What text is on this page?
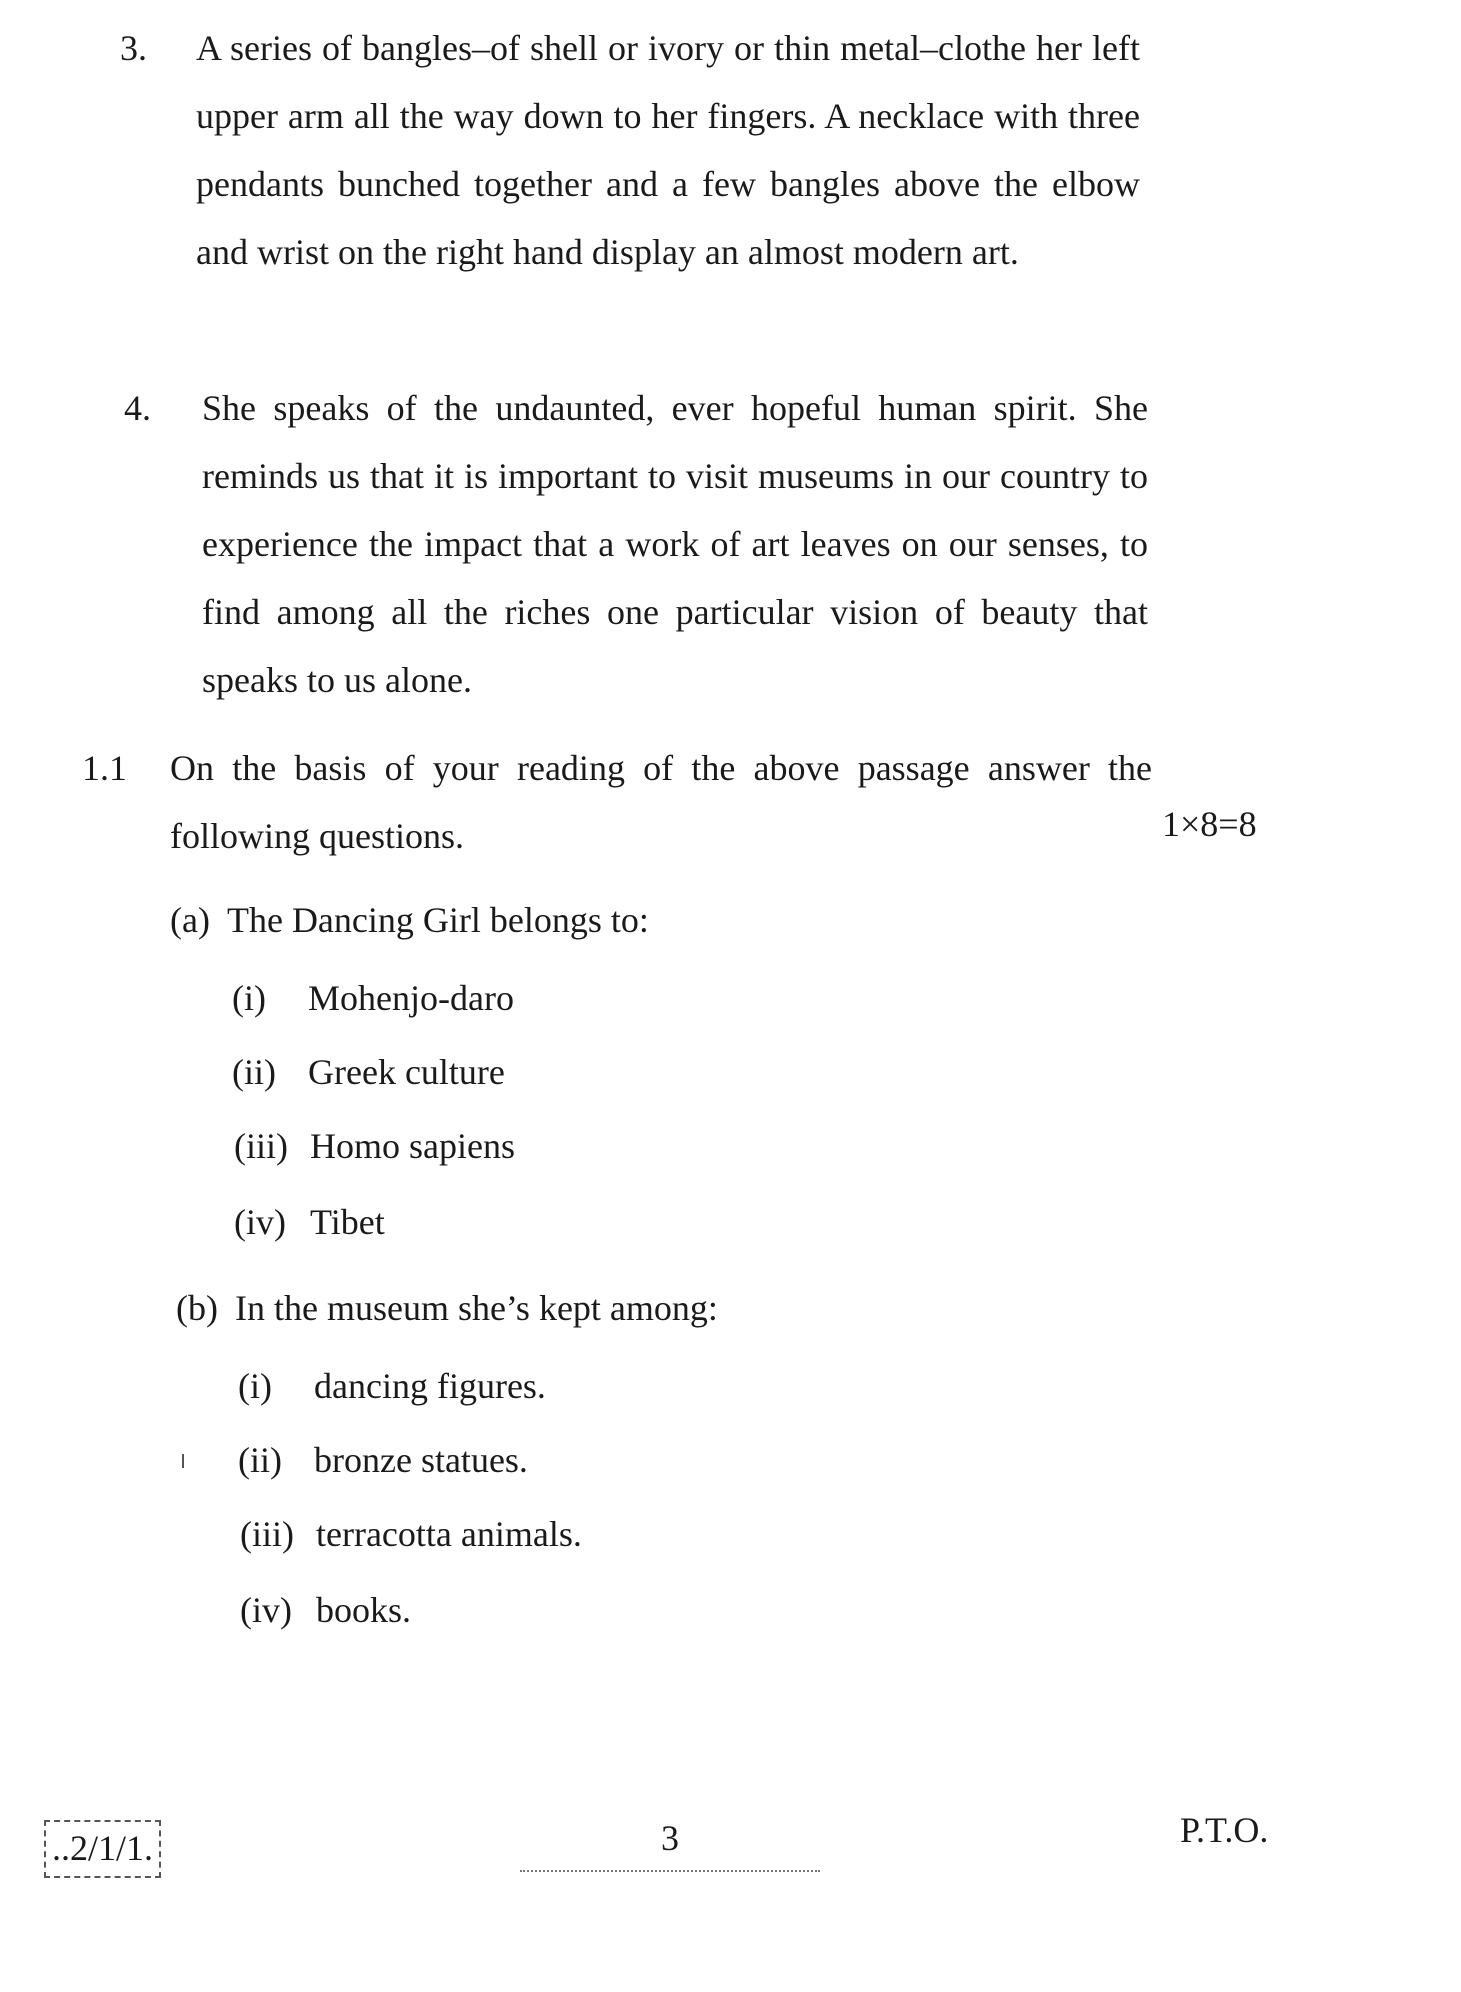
3. A series of bangles–of shell or ivory or thin metal–clothe her left upper arm all the way down to her fingers. A necklace with three pendants bunched together and a few bangles above the elbow and wrist on the right hand display an almost modern art.
4. She speaks of the undaunted, ever hopeful human spirit. She reminds us that it is important to visit museums in our country to experience the impact that a work of art leaves on our senses, to find among all the riches one particular vision of beauty that speaks to us alone.
1.1 On the basis of your reading of the above passage answer the following questions.	1×8=8
(a) The Dancing Girl belongs to:
(i) Mohenjo-daro
(ii) Greek culture
(iii) Homo sapiens
(iv) Tibet
(b) In the museum she’s kept among:
(i) dancing figures.
(ii) bronze statues.
(iii) terracotta animals.
(iv) books.
..2/1/1.	3	P.T.O.
